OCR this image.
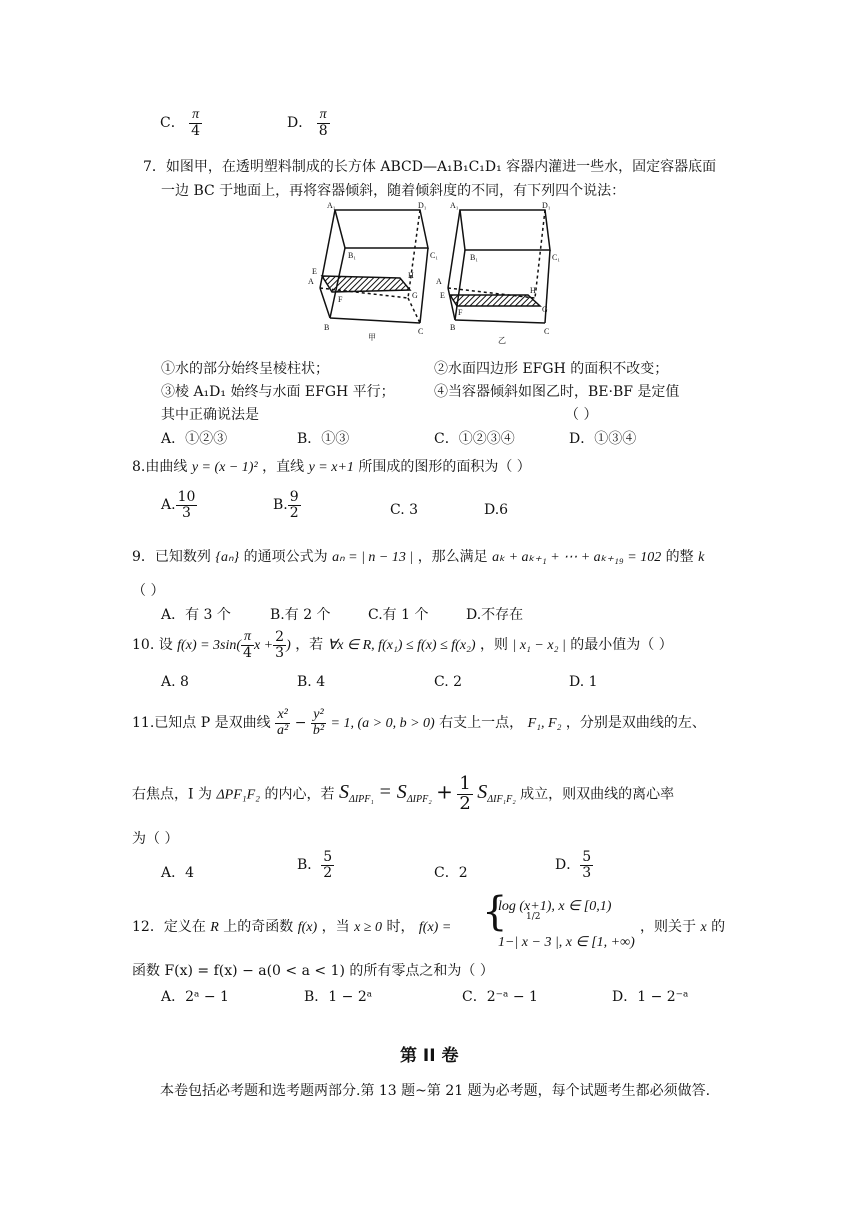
C． $\frac{\pi}{4}$	D． $\frac{\pi}{8}$
7．如图甲，在透明塑料制成的长方体 ABCD—A₁B₁C₁D₁ 容器内灌进一些水，固定容器底面
一边 BC 于地面上，再将容器倾斜，随着倾斜度的不同，有下列四个说法：
A₁	D₁
B₁	C₁
E
A
H
F	G
B	C
甲
A₁	D₁
B₁	C₁
A
E
H
F	G
B	C
乙
①水的部分始终呈棱柱状；	②水面四边形 EFGH 的面积不改变；
③棱 A₁D₁ 始终与水面 EFGH 平行；	④当容器倾斜如图乙时，BE·BF 是定值
其中正确说法是	（ ）
A．①②③	B．①③	C．①②③④	D．①③④
8.由曲线 y = (x − 1)² ，直线 y = x+1 所围成的图形的面积为（ ）
A. $\frac{10}{3}$	B. $\frac{9}{2}$	C. 3	D.6
9．已知数列 {aₙ} 的通项公式为 aₙ = | n − 13 | ，那么满足 aₖ + aₖ₊₁ + ⋯ + aₖ₊₁₉ = 102 的整 k
（ ）
A．有 3 个	B.有 2 个	C.有 1 个	D.不存在
10. 设 $f(x) = 3\sin( \frac{\pi}{4}$ $x + \frac{2}{3}$ ) ，若 ∀x ∈ R, f(x₁) ≤ f(x) ≤ f(x₂) ，则 | x₁ − x₂ | 的最小值为（ ）
A. 8	B. 4	C. 2	D. 1
11.已知点 P 是双曲线 $\frac{\text{x²}}{\text{a²}} - \frac{\text{y²}}{\text{b²}} = 1$, (a > 0, b > 0) 右支上一点， F₁, F₂ ，分别是双曲线的左、
右焦点，I 为 ΔPF₁F₂ 的内心，若 $S_{\Delta IPF_1} = S_{\Delta IPF_2} + \frac{1}{2} S_{\Delta IF_1F_2}$ 成立，则双曲线的离心率
为（ ）
A．4	B． $\frac{5}{2}$	C．2	D． $\frac{5}{3}$
12．定义在 R 上的奇函数 f(x) ，当 x ≥ 0 时， f(x) = {
log (x+1), x ∈ [0,1)
1/2
1−| x − 3 |, x ∈ [1, +∞)
，则关于 x 的
函数 F(x) = f(x) − a(0 < a < 1) 的所有零点之和为（ ）
A．2ᵃ − 1	B．1 − 2ᵃ	C．2⁻ᵃ − 1	D．1 − 2⁻ᵃ
第 II 卷
本卷包括必考题和选考题两部分.第 13 题~第 21 题为必考题，每个试题考生都必须做答.
